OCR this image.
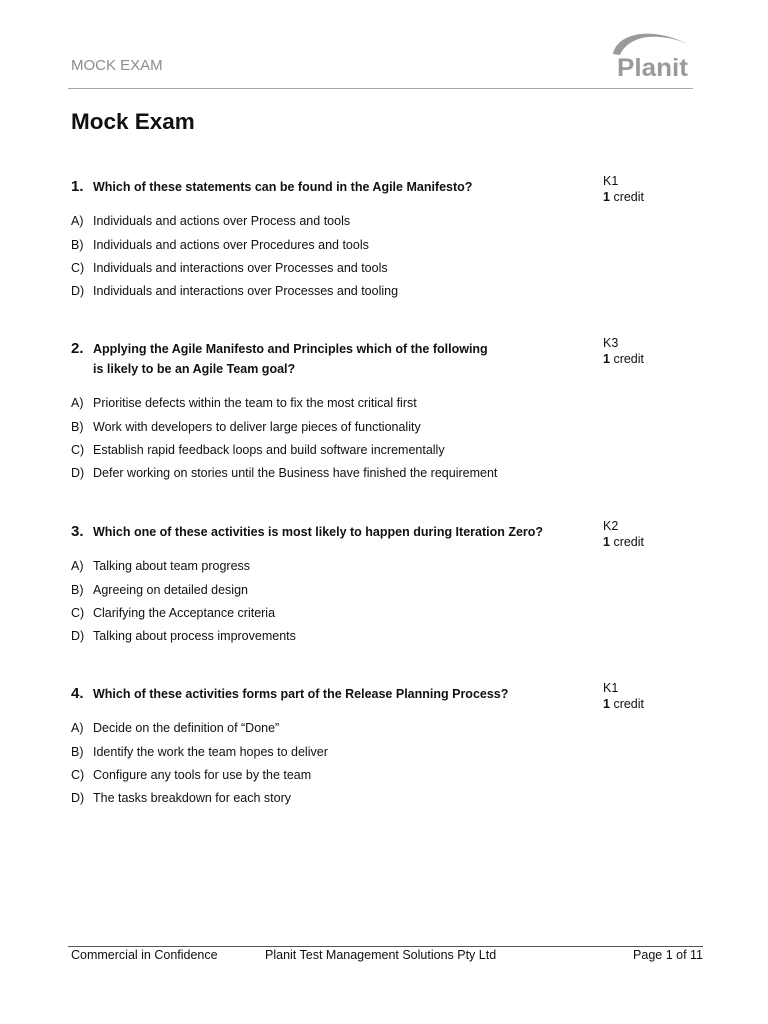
MOCK EXAM	Planit
Mock Exam
1. Which of these statements can be found in the Agile Manifesto?	K1
1 credit
A) Individuals and actions over Process and tools
B) Individuals and actions over Procedures and tools
C) Individuals and interactions over Processes and tools
D) Individuals and interactions over Processes and tooling
2. Applying the Agile Manifesto and Principles which of the following
is likely to be an Agile Team goal?
K3
1 credit
A) Prioritise defects within the team to fix the most critical first
B) Work with developers to deliver large pieces of functionality
C) Establish rapid feedback loops and build software incrementally
D) Defer working on stories until the Business have finished the requirement
3. Which one of these activities is most likely to happen during Iteration Zero?	K2
1 credit
A) Talking about team progress
B) Agreeing on detailed design
C) Clarifying the Acceptance criteria
D) Talking about process improvements
4. Which of these activities forms part of the Release Planning Process?	K1
1 credit
A) Decide on the definition of “Done”
B) Identify the work the team hopes to deliver
C) Configure any tools for use by the team
D) The tasks breakdown for each story
Commercial in Confidence	Planit Test Management Solutions Pty Ltd	Page 1 of 11
